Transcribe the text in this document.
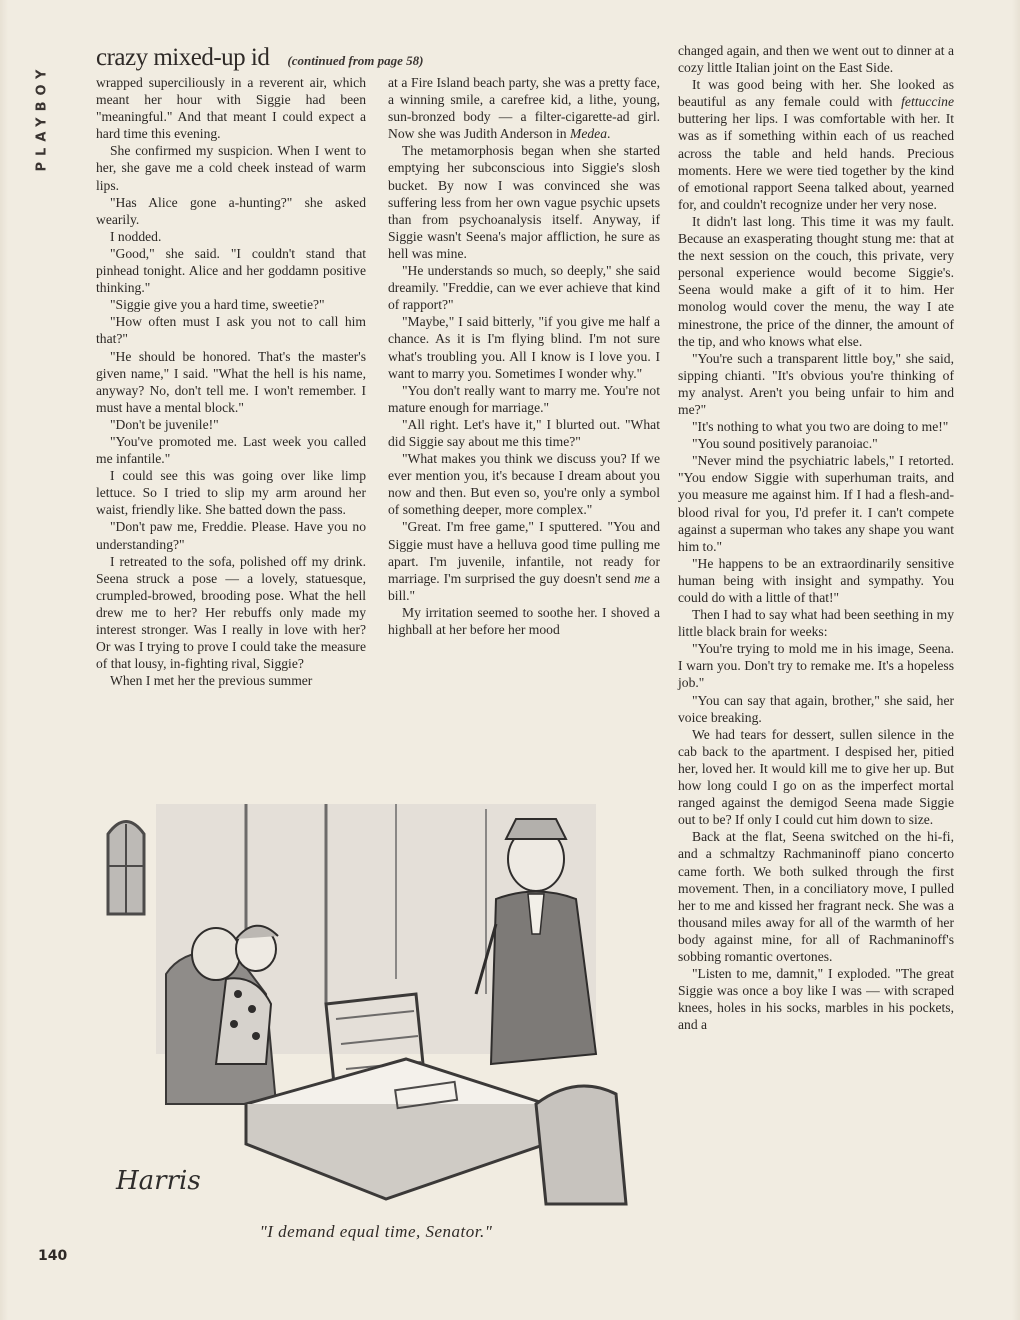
PLAYBOY
crazy mixed-up id (continued from page 58)

wrapped superciliously in a reverent air, which meant her hour with Siggie had been "meaningful." And that meant I could expect a hard time this evening.

She confirmed my suspicion. When I went to her, she gave me a cold cheek instead of warm lips.

"Has Alice gone a-hunting?" she asked wearily.

I nodded.

"Good," she said. "I couldn't stand that pinhead tonight. Alice and her goddamn positive thinking."

"Siggie give you a hard time, sweetie?"

"How often must I ask you not to call him that?"

"He should be honored. That's the master's given name," I said. "What the hell is his name, anyway? No, don't tell me. I won't remember. I must have a mental block."

"Don't be juvenile!"

"You've promoted me. Last week you called me infantile."

I could see this was going over like limp lettuce. So I tried to slip my arm around her waist, friendly like. She batted down the pass.

"Don't paw me, Freddie. Please. Have you no understanding?"

I retreated to the sofa, polished off my drink. Seena struck a pose — a lovely, statuesque, crumpled-browed, brooding pose. What the hell drew me to her? Her rebuffs only made my interest stronger. Was I really in love with her? Or was I trying to prove I could take the measure of that lousy, in-fighting rival, Siggie?

When I met her the previous summer

at a Fire Island beach party, she was a pretty face, a winning smile, a carefree kid, a lithe, young, sun-bronzed body — a filter-cigarette-ad girl. Now she was Judith Anderson in Medea.

The metamorphosis began when she started emptying her subconscious into Siggie's slosh bucket. By now I was convinced she was suffering less from her own vague psychic upsets than from psychoanalysis itself. Anyway, if Siggie wasn't Seena's major affliction, he sure as hell was mine.

"He understands so much, so deeply," she said dreamily. "Freddie, can we ever achieve that kind of rapport?"

"Maybe," I said bitterly, "if you give me half a chance. As it is I'm flying blind. I'm not sure what's troubling you. All I know is I love you. I want to marry you. Sometimes I wonder why."

"You don't really want to marry me. You're not mature enough for marriage."

"All right. Let's have it," I blurted out. "What did Siggie say about me this time?"

"What makes you think we discuss you? If we ever mention you, it's because I dream about you now and then. But even so, you're only a symbol of something deeper, more complex."

"Great. I'm free game," I sputtered. "You and Siggie must have a helluva good time pulling me apart. I'm juvenile, infantile, not ready for marriage. I'm surprised the guy doesn't send me a bill."

My irritation seemed to soothe her. I shoved a highball at her before her mood

changed again, and then we went out to dinner at a cozy little Italian joint on the East Side.

It was good being with her. She looked as beautiful as any female could with fettuccine buttering her lips. I was comfortable with her. It was as if something within each of us reached across the table and held hands. Precious moments. Here we were tied together by the kind of emotional rapport Seena talked about, yearned for, and couldn't recognize under her very nose.

It didn't last long. This time it was my fault. Because an exasperating thought stung me: that at the next session on the couch, this private, very personal experience would become Siggie's. Seena would make a gift of it to him. Her monolog would cover the menu, the way I ate minestrone, the price of the dinner, the amount of the tip, and who knows what else.

"You're such a transparent little boy," she said, sipping chianti. "It's obvious you're thinking of my analyst. Aren't you being unfair to him and me?"

"It's nothing to what you two are doing to me!"

"You sound positively paranoiac."

"Never mind the psychiatric labels," I retorted. "You endow Siggie with superhuman traits, and you measure me against him. If I had a flesh-and-blood rival for you, I'd prefer it. I can't compete against a superman who takes any shape you want him to."

"He happens to be an extraordinarily sensitive human being with insight and sympathy. You could do with a little of that!"

Then I had to say what had been seething in my little black brain for weeks:

"You're trying to mold me in his image, Seena. I warn you. Don't try to remake me. It's a hopeless job."

"You can say that again, brother," she said, her voice breaking.

We had tears for dessert, sullen silence in the cab back to the apartment. I despised her, pitied her, loved her. It would kill me to give her up. But how long could I go on as the imperfect mortal ranged against the demigod Seena made Siggie out to be? If only I could cut him down to size.

Back at the flat, Seena switched on the hi-fi, and a schmaltzy Rachmaninoff piano concerto came forth. We both sulked through the first movement. Then, in a conciliatory move, I pulled her to me and kissed her fragrant neck. She was a thousand miles away for all of the warmth of her body against mine, for all of Rachmaninoff's sobbing romantic overtones.

"Listen to me, damnit," I exploded. "The great Siggie was once a boy like I was — with scraped knees, holes in his socks, marbles in his pockets, and a

Harris
"I demand equal time, Senator."
140
